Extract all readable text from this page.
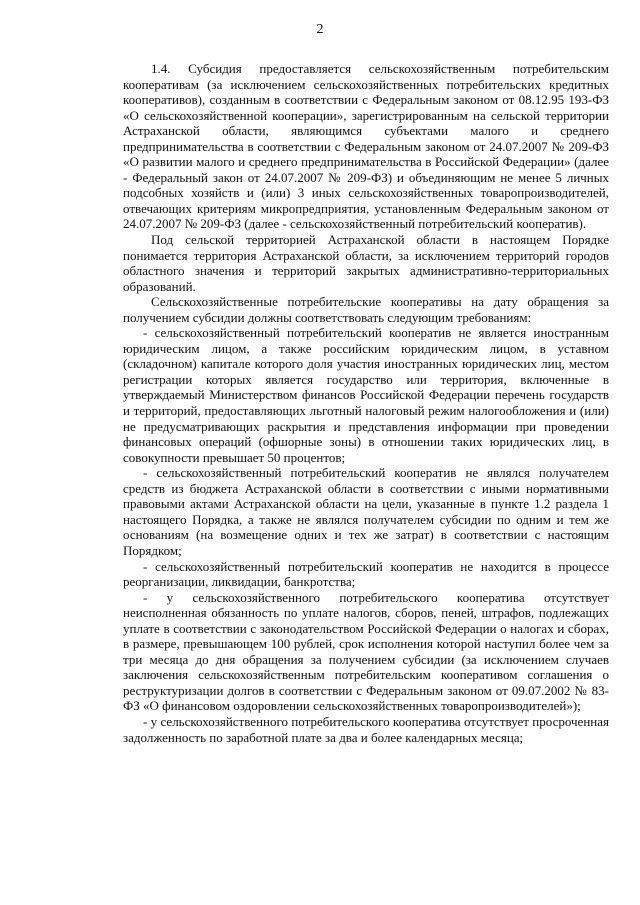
2

1.4. Субсидия предоставляется сельскохозяйственным потребительским кооперативам (за исключением сельскохозяйственных потребительских кредитных кооперативов), созданным в соответствии с Федеральным законом от 08.12.95 193-ФЗ «О сельскохозяйственной кооперации», зарегистрированным на сельской территории Астраханской области, являющимся субъектами малого и среднего предпринимательства в соответствии с Федеральным законом от 24.07.2007 № 209-ФЗ «О развитии малого и среднего предпринимательства в Российской Федерации» (далее - Федеральный закон от 24.07.2007 № 209-ФЗ) и объединяющим не менее 5 личных подсобных хозяйств и (или) 3 иных сельскохозяйственных товаропроизводителей, отвечающих критериям микропредприятия, установленным Федеральным законом от 24.07.2007 № 209-ФЗ (далее - сельскохозяйственный потребительский кооператив).

Под сельской территорией Астраханской области в настоящем Порядке понимается территория Астраханской области, за исключением территорий городов областного значения и территорий закрытых административно-территориальных образований.

Сельскохозяйственные потребительские кооперативы на дату обращения за получением субсидии должны соответствовать следующим требованиям:

- сельскохозяйственный потребительский кооператив не является иностранным юридическим лицом, а также российским юридическим лицом, в уставном (складочном) капитале которого доля участия иностранных юридических лиц, местом регистрации которых является государство или территория, включенные в утверждаемый Министерством финансов Российской Федерации перечень государств и территорий, предоставляющих льготный налоговый режим налогообложения и (или) не предусматривающих раскрытия и представления информации при проведении финансовых операций (офшорные зоны) в отношении таких юридических лиц, в совокупности превышает 50 процентов;

- сельскохозяйственный потребительский кооператив не являлся получателем средств из бюджета Астраханской области в соответствии с иными нормативными правовыми актами Астраханской области на цели, указанные в пункте 1.2 раздела 1 настоящего Порядка, а также не являлся получателем субсидии по одним и тем же основаниям (на возмещение одних и тех же затрат) в соответствии с настоящим Порядком;

- сельскохозяйственный потребительский кооператив не находится в процессе реорганизации, ликвидации, банкротства;

- у сельскохозяйственного потребительского кооператива отсутствует неисполненная обязанность по уплате налогов, сборов, пеней, штрафов, подлежащих уплате в соответствии с законодательством Российской Федерации о налогах и сборах, в размере, превышающем 100 рублей, срок исполнения которой наступил более чем за три месяца до дня обращения за получением субсидии (за исключением случаев заключения сельскохозяйственным потребительским кооперативом соглашения о реструктуризации долгов в соответствии с Федеральным законом от 09.07.2002 № 83-ФЗ «О финансовом оздоровлении сельскохозяйственных товаропроизводителей»);

- у сельскохозяйственного потребительского кооператива отсутствует просроченная задолженность по заработной плате за два и более календарных месяца;
